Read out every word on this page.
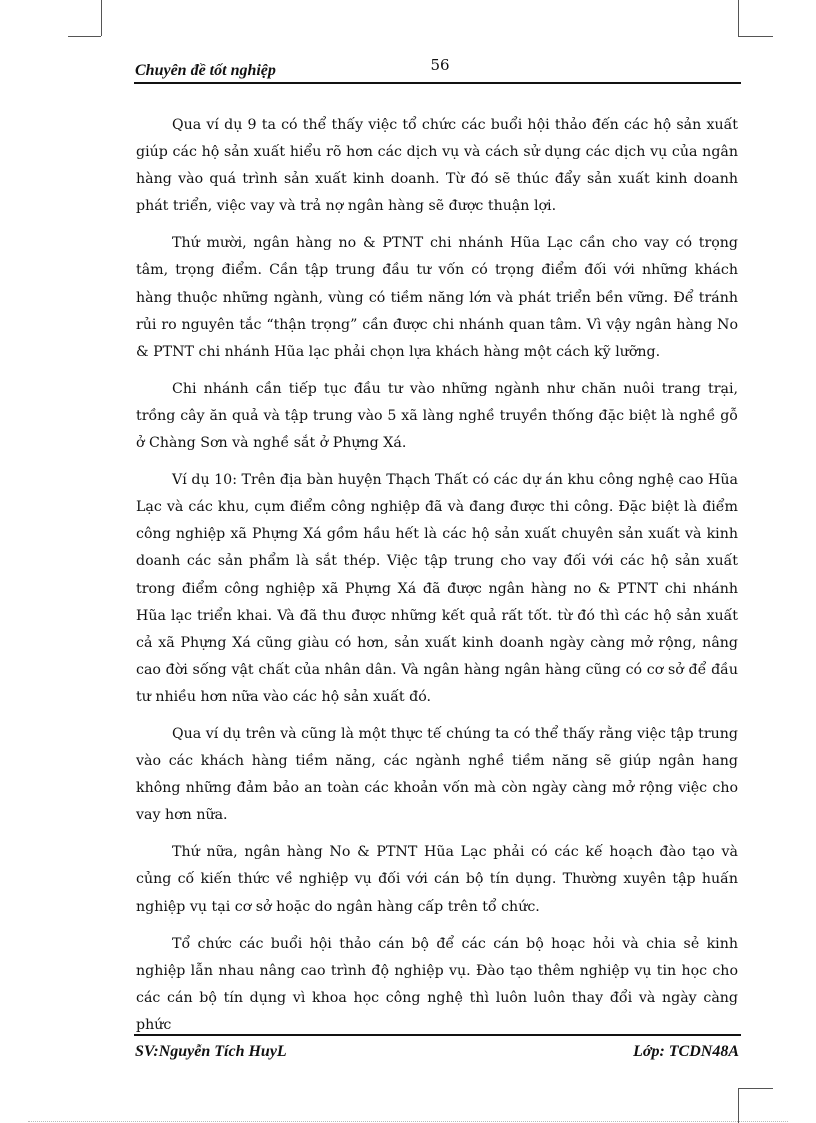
56
Chuyên đề tốt nghiệp

Qua ví dụ 9 ta có thể thấy việc tổ chức các buổi hội thảo đến các hộ sản xuất giúp các hộ sản xuất hiểu rõ hơn các dịch vụ và cách sử dụng các dịch vụ của ngân hàng vào quá trình sản xuất kinh doanh. Từ đó sẽ thúc đẩy sản xuất kinh doanh phát triển, việc vay và trả nợ ngân hàng sẽ được thuận lợi.

Thứ mười, ngân hàng no & PTNT chi nhánh Hũa Lạc cần cho vay có trọng tâm, trọng điểm. Cần tập trung đầu tư vốn có trọng điểm đối với những khách hàng thuộc những ngành, vùng có tiềm năng lớn và phát triển bền vững. Để tránh rủi ro nguyên tắc “thận trọng” cần được chi nhánh quan tâm. Vì vậy ngân hàng No & PTNT chi nhánh Hũa lạc phải chọn lựa khách hàng một cách kỹ lưỡng.

Chi nhánh cần tiếp tục đầu tư vào những ngành như chăn nuôi trang trại, trồng cây ăn quả và tập trung vào 5 xã làng nghề truyền thống đặc biệt là nghề gỗ ở Chàng Sơn và nghề sắt ở Phựng Xá.

Ví dụ 10: Trên địa bàn huyện Thạch Thất có các dự án khu công nghệ cao Hũa Lạc và các khu, cụm điểm công nghiệp đã và đang được thi công. Đặc biệt là điểm công nghiệp xã Phựng Xá gồm hầu hết là các hộ sản xuất chuyên sản xuất và kinh doanh các sản phẩm là sắt thép. Việc tập trung cho vay đối với các hộ sản xuất trong điểm công nghiệp xã Phựng Xá đã được ngân hàng no & PTNT chi nhánh Hũa lạc triển khai. Và đã thu được những kết quả rất tốt. từ đó thì các hộ sản xuất cả xã Phựng Xá cũng giàu có hơn, sản xuất kinh doanh ngày càng mở rộng, nâng cao đời sống vật chất của nhân dân. Và ngân hàng ngân hàng cũng có cơ sở để đầu tư nhiều hơn nữa vào các hộ sản xuất đó.

Qua ví dụ trên và cũng là một thực tế chúng ta có thể thấy rằng việc tập trung vào các khách hàng tiềm năng, các ngành nghề tiềm năng sẽ giúp ngân hang không những đảm bảo an toàn các khoản vốn mà còn ngày càng mở rộng việc cho vay hơn nữa.

Thứ nữa, ngân hàng No & PTNT Hũa Lạc phải có các kế hoạch đào tạo và củng cố kiến thức về nghiệp vụ đối với cán bộ tín dụng. Thường xuyên tập huấn nghiệp vụ tại cơ sở hoặc do ngân hàng cấp trên tổ chức.

Tổ chức các buổi hội thảo cán bộ để các cán bộ hoạc hỏi và chia sẻ kinh nghiệp lẫn nhau nâng cao trình độ nghiệp vụ. Đào tạo thêm nghiệp vụ tin học cho các cán bộ tín dụng vì khoa học công nghệ thì luôn luôn thay đổi và ngày càng phức

SV:Nguyễn Tích HuyL	Lớp: TCDN48A
